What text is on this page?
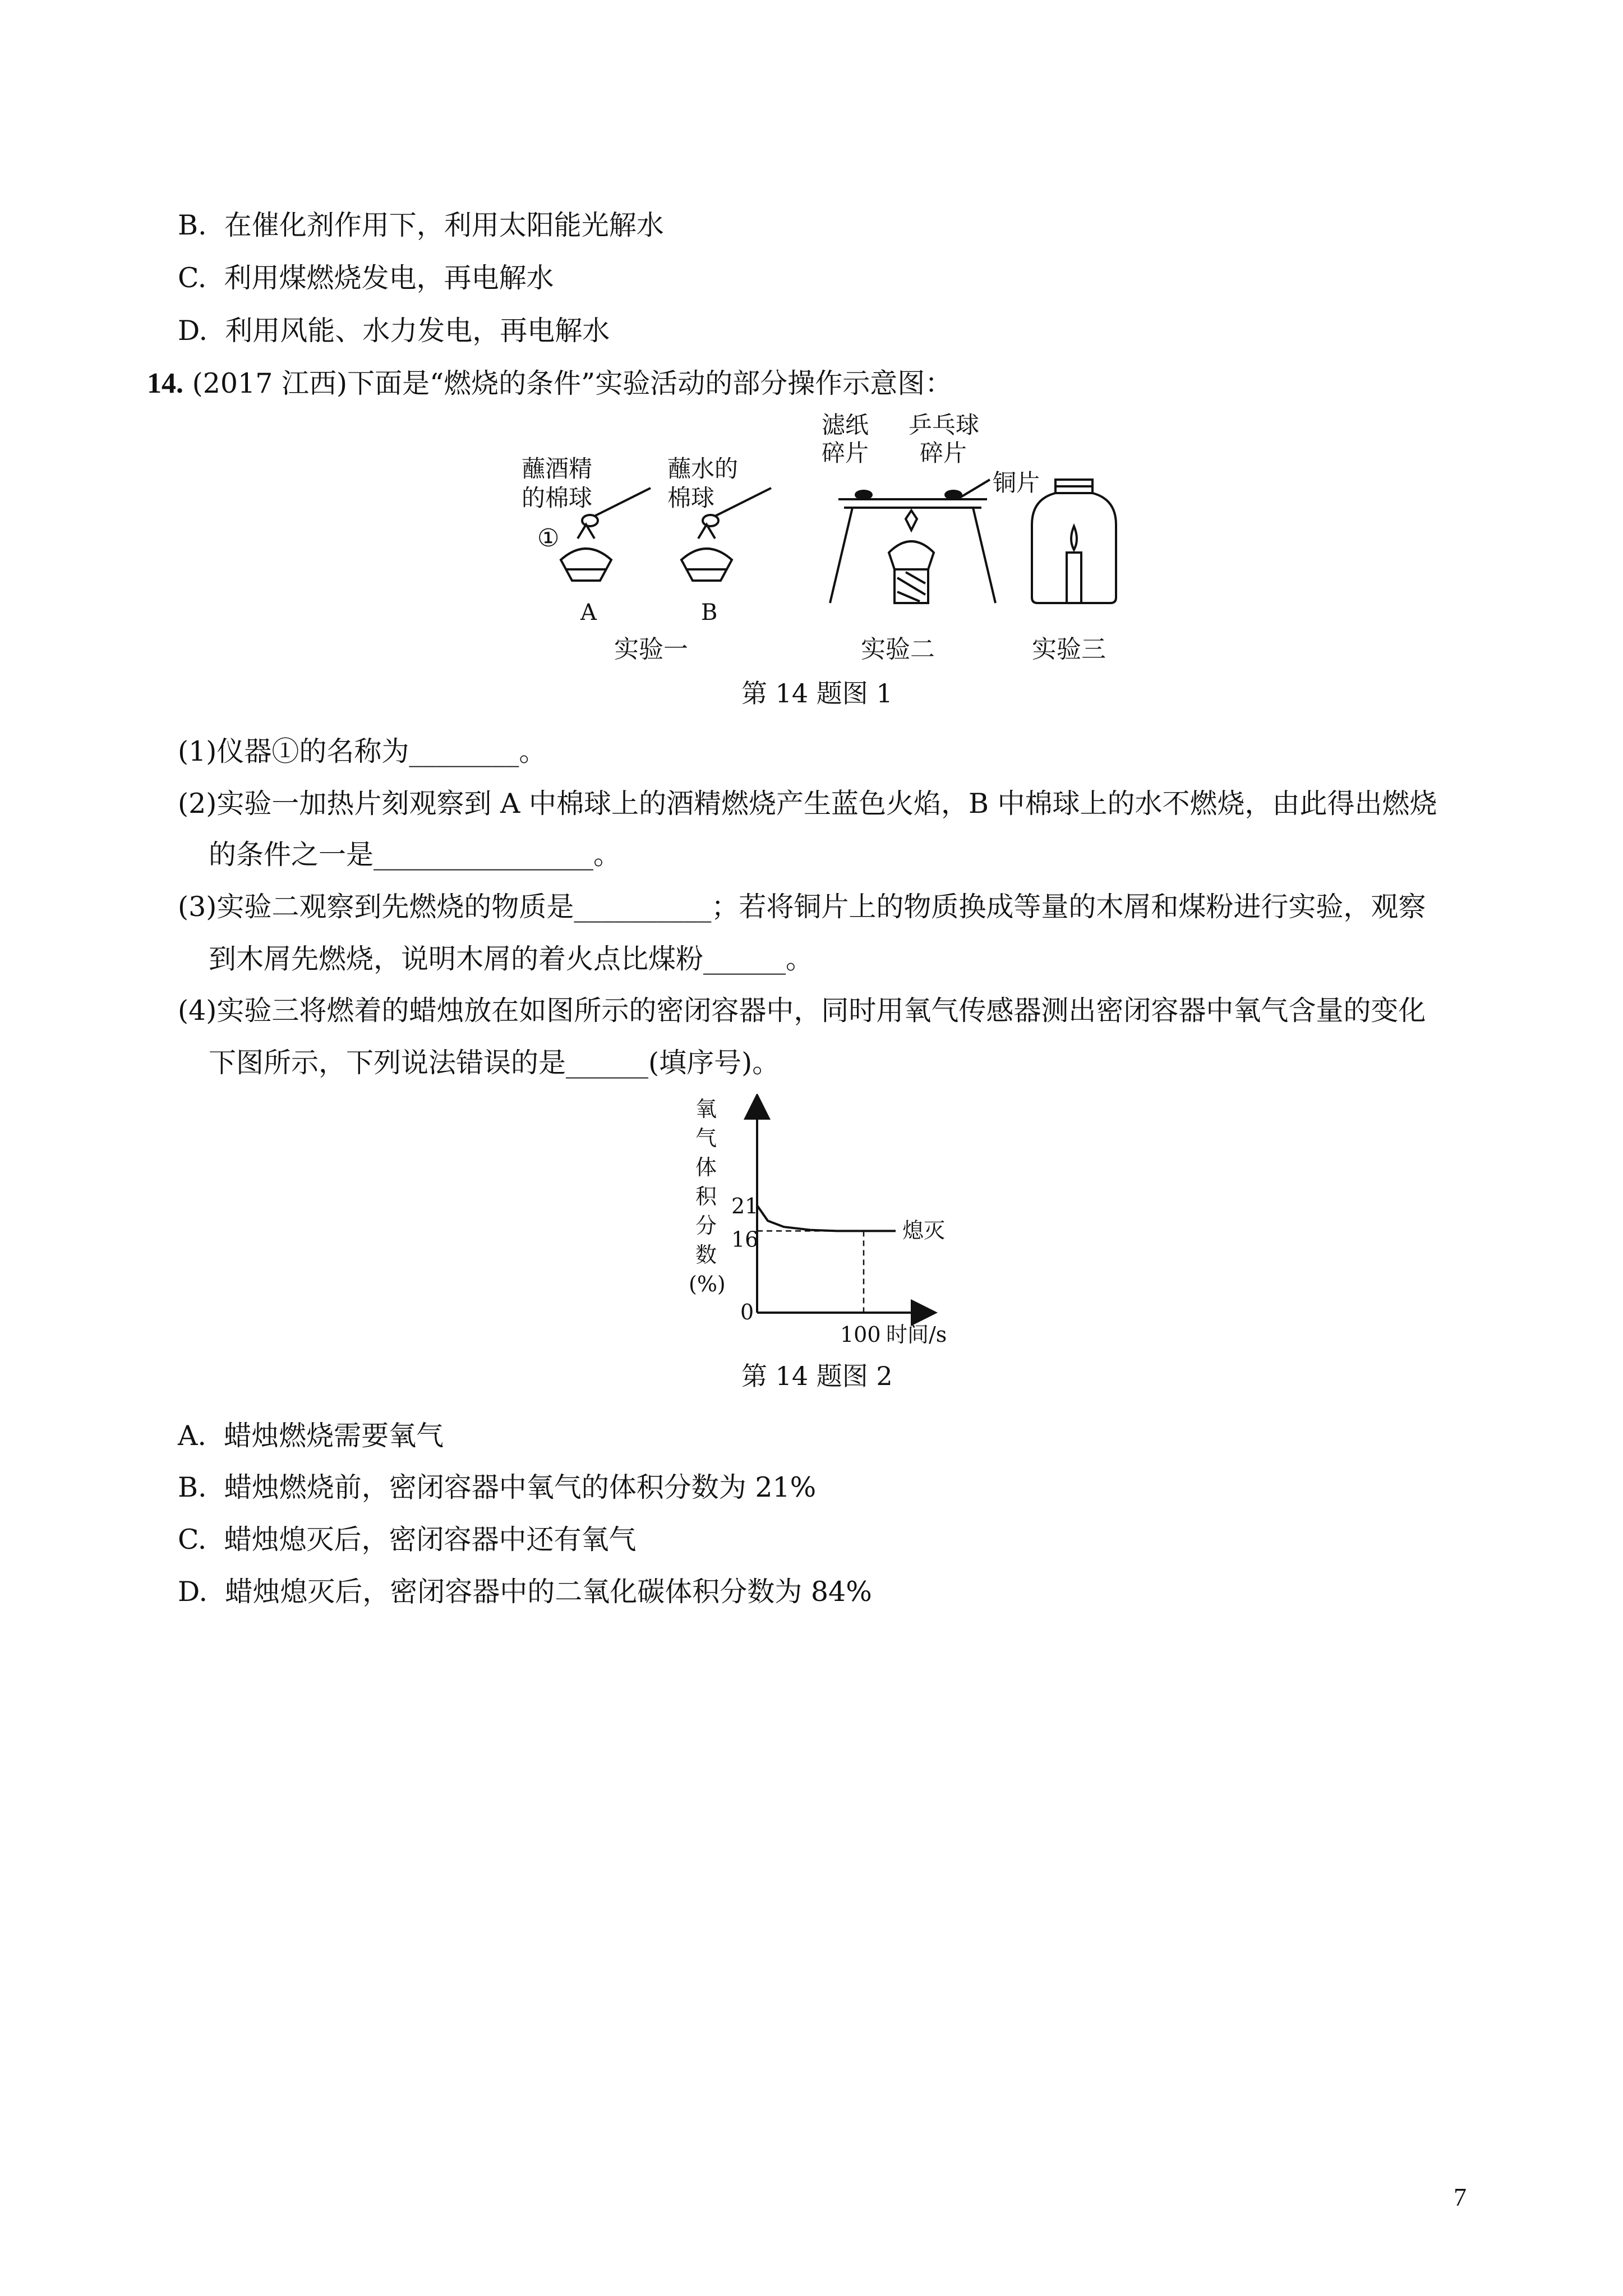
B. 在催化剂作用下，利用太阳能光解水
C. 利用煤燃烧发电，再电解水
D. 利用风能、水力发电，再电解水
14. (2017 江西)下面是“燃烧的条件”实验活动的部分操作示意图：
蘸酒精
的棉球
①
A
蘸水的
棉球
B
实验一
滤纸
碎片
乒乓球
碎片
铜片
实验二	实验三
第 14 题图 1
(1)仪器①的名称为________。
(2)实验一加热片刻观察到 A 中棉球上的酒精燃烧产生蓝色火焰，B 中棉球上的水不燃烧，由此得出燃烧
的条件之一是________________。
(3)实验二观察到先燃烧的物质是__________；若将铜片上的物质换成等量的木屑和煤粉进行实验，观察
到木屑先燃烧，说明木屑的着火点比煤粉______。
(4)实验三将燃着的蜡烛放在如图所示的密闭容器中，同时用氧气传感器测出密闭容器中氧气含量的变化
下图所示，下列说法错误的是______(填序号)。
氧
气
体
积
分
数
(%)
21
16
0
熄灭
100 时间/s
第 14 题图 2
A. 蜡烛燃烧需要氧气
B. 蜡烛燃烧前，密闭容器中氧气的体积分数为 21%
C. 蜡烛熄灭后，密闭容器中还有氧气
D. 蜡烛熄灭后，密闭容器中的二氧化碳体积分数为 84%
7
